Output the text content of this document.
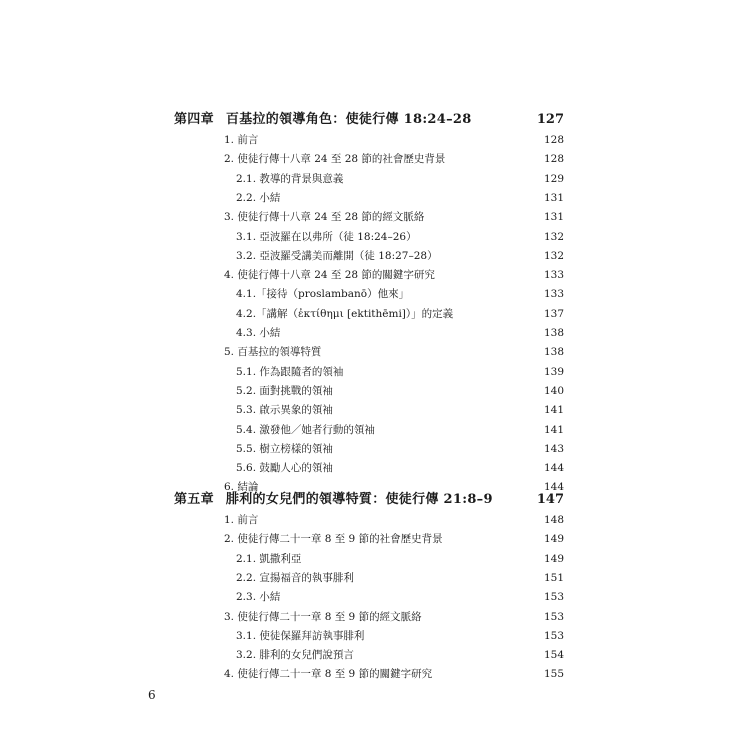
第四章 百基拉的領導角色：使徒行傳 18:24–28	127
1. 前言	128
2. 使徒行傳十八章 24 至 28 節的社會歷史背景	128
2.1. 教導的背景與意義	129
2.2. 小結	131
3. 使徒行傳十八章 24 至 28 節的經文脈絡	131
3.1. 亞波羅在以弗所（徒 18:24–26）	132
3.2. 亞波羅受講美而離開（徒 18:27–28）	132
4. 使徒行傳十八章 24 至 28 節的關鍵字研究	133
4.1.「接待（proslambanō）他來」	133
4.2.「講解（ἐκτίθημι [ektithēmi]）」的定義	137
4.3. 小結	138
5. 百基拉的領導特質	138
5.1. 作為跟隨者的領袖	139
5.2. 面對挑戰的領袖	140
5.3. 啟示異象的領袖	141
5.4. 激發他／她者行動的領袖	141
5.5. 樹立榜樣的領袖	143
5.6. 鼓勵人心的領袖	144
6. 結論	144
第五章 腓利的女兒們的領導特質：使徒行傳 21:8–9	147
1. 前言	148
2. 使徒行傳二十一章 8 至 9 節的社會歷史背景	149
2.1. 凱撒利亞	149
2.2. 宣揚福音的執事腓利	151
2.3. 小結	153
3. 使徒行傳二十一章 8 至 9 節的經文脈絡	153
3.1. 使徒保羅拜訪執事腓利	153
3.2. 腓利的女兒們說預言	154
4. 使徒行傳二十一章 8 至 9 節的關鍵字研究	155
6
